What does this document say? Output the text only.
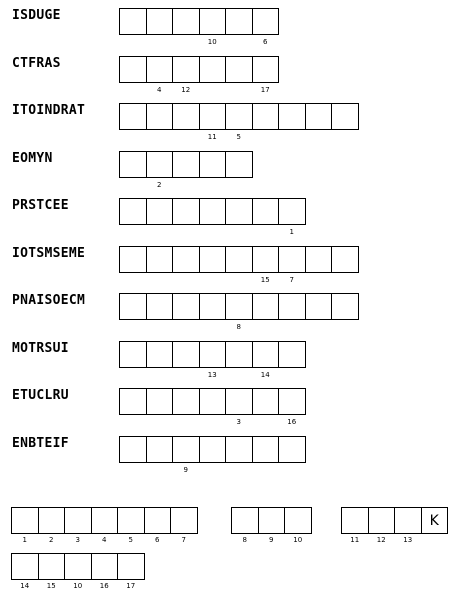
ISDUGE
10	6
CTFRAS
4	12	17
ITOINDRAT
11	5
EOMYN
2
PRSTCEE
1
IOTSMSEME
15	7
PNAISOECM
8
MOTRSUI
13	14
ETUCLRU
3	16
ENBTEIF
9
1	2	3	4	5	6	7	8	9	10	11	12	13
K
14	15	10	16	17
